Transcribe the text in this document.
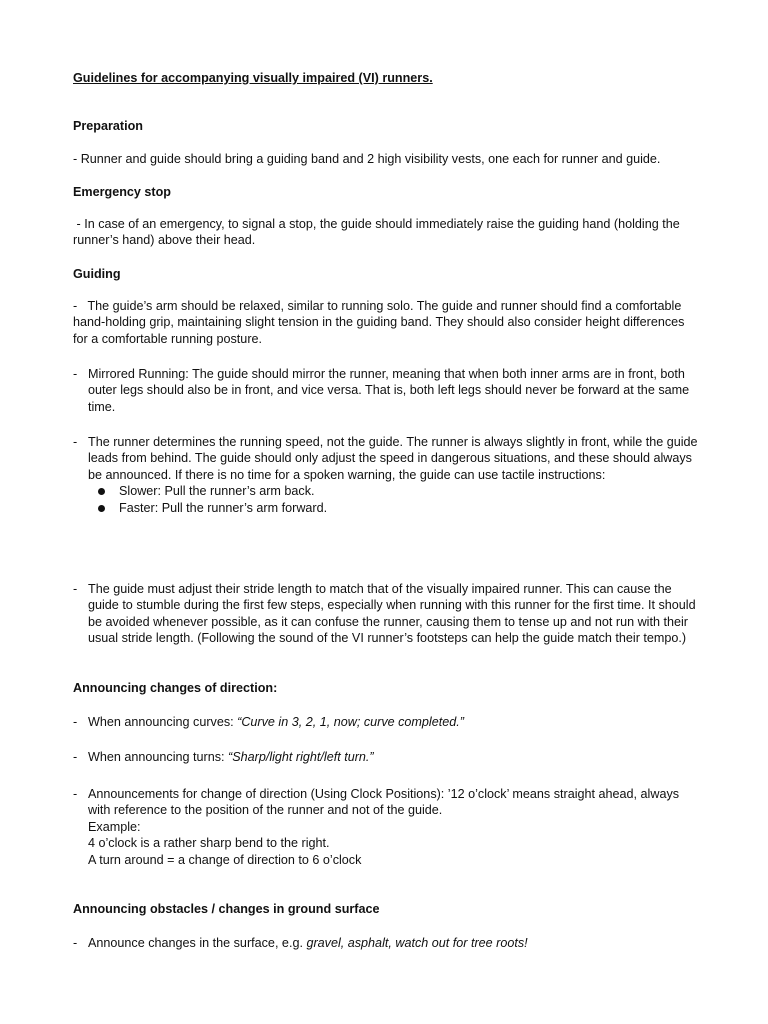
Guidelines for accompanying visually impaired (VI) runners.
Preparation
- Runner and guide should bring a guiding band and 2 high visibility vests, one each for runner and guide.
Emergency stop
- In case of an emergency, to signal a stop, the guide should immediately raise the guiding hand (holding the runner’s hand) above their head.
Guiding
-   The guide’s arm should be relaxed, similar to running solo. The guide and runner should find a comfortable hand-holding grip, maintaining slight tension in the guiding band. They should also consider height differences for a comfortable running posture.
- Mirrored Running: The guide should mirror the runner, meaning that when both inner arms are in front, both outer legs should also be in front, and vice versa. That is, both left legs should never be forward at the same time.
- The runner determines the running speed, not the guide. The runner is always slightly in front, while the guide leads from behind. The guide should only adjust the speed in dangerous situations, and these should always be announced. If there is no time for a spoken warning, the guide can use tactile instructions:
Slower: Pull the runner’s arm back.
Faster: Pull the runner’s arm forward.
- The guide must adjust their stride length to match that of the visually impaired runner. This can cause the guide to stumble during the first few steps, especially when running with this runner for the first time. It should be avoided whenever possible, as it can confuse the runner, causing them to tense up and not run with their usual stride length. (Following the sound of the VI runner’s footsteps can help the guide match their tempo.)
Announcing changes of direction:
- When announcing curves: “Curve in 3, 2, 1, now; curve completed.”
- When announcing turns: “Sharp/light right/left turn.”
- Announcements for change of direction (Using Clock Positions): ’12 o’clock’ means straight ahead, always with reference to the position of the runner and not of the guide.
Example:
4 o’clock is a rather sharp bend to the right.
A turn around = a change of direction to 6 o’clock
Announcing obstacles / changes in ground surface
- Announce changes in the surface, e.g. gravel, asphalt, watch out for tree roots!
